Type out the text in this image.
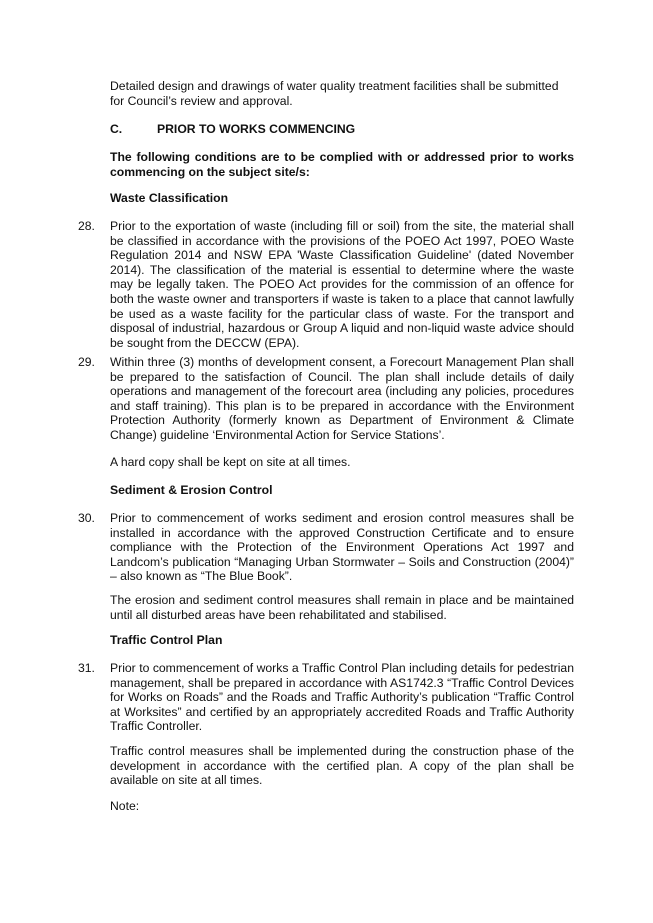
Detailed design and drawings of water quality treatment facilities shall be submitted for Council’s review and approval.

C.	PRIOR TO WORKS COMMENCING

The following conditions are to be complied with or addressed prior to works commencing on the subject site/s:

Waste Classification

28. Prior to the exportation of waste (including fill or soil) from the site, the material shall be classified in accordance with the provisions of the POEO Act 1997, POEO Waste Regulation 2014 and NSW EPA 'Waste Classification Guideline' (dated November 2014). The classification of the material is essential to determine where the waste may be legally taken. The POEO Act provides for the commission of an offence for both the waste owner and transporters if waste is taken to a place that cannot lawfully be used as a waste facility for the particular class of waste. For the transport and disposal of industrial, hazardous or Group A liquid and non-liquid waste advice should be sought from the DECCW (EPA).

29. Within three (3) months of development consent, a Forecourt Management Plan shall be prepared to the satisfaction of Council. The plan shall include details of daily operations and management of the forecourt area (including any policies, procedures and staff training). This plan is to be prepared in accordance with the Environment Protection Authority (formerly known as Department of Environment & Climate Change) guideline ‘Environmental Action for Service Stations’.

A hard copy shall be kept on site at all times.

Sediment & Erosion Control

30. Prior to commencement of works sediment and erosion control measures shall be installed in accordance with the approved Construction Certificate and to ensure compliance with the Protection of the Environment Operations Act 1997 and Landcom’s publication “Managing Urban Stormwater – Soils and Construction (2004)” – also known as “The Blue Book”.

The erosion and sediment control measures shall remain in place and be maintained until all disturbed areas have been rehabilitated and stabilised.

Traffic Control Plan

31. Prior to commencement of works a Traffic Control Plan including details for pedestrian management, shall be prepared in accordance with AS1742.3 “Traffic Control Devices for Works on Roads” and the Roads and Traffic Authority’s publication “Traffic Control at Worksites” and certified by an appropriately accredited Roads and Traffic Authority Traffic Controller.

Traffic control measures shall be implemented during the construction phase of the development in accordance with the certified plan. A copy of the plan shall be available on site at all times.

Note:
